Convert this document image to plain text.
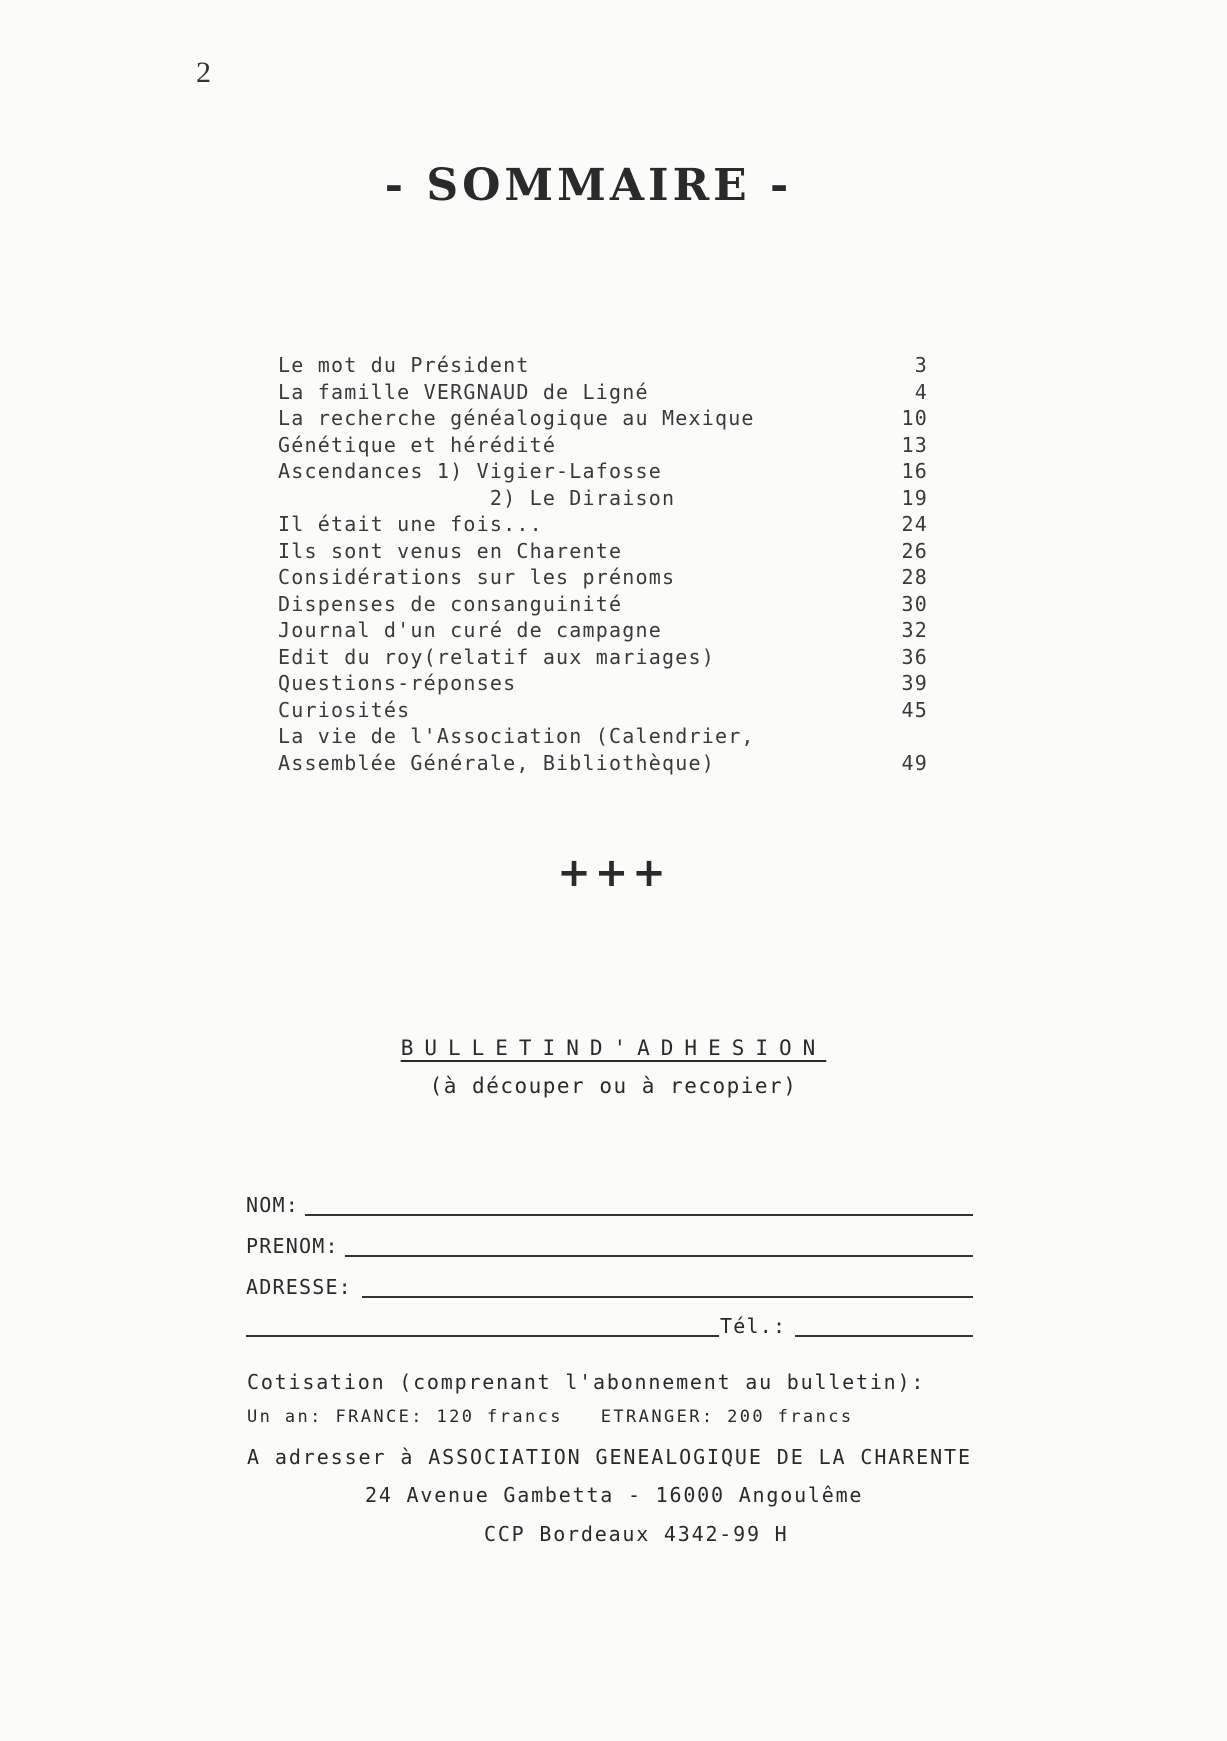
2
- SOMMAIRE -
Le mot du Président	3
La famille VERGNAUD de Ligné	4
La recherche généalogique au Mexique	10
Génétique et hérédité	13
Ascendances 1) Vigier-Lafosse	16
2) Le Diraison	19
Il était une fois...	24
Ils sont venus en Charente	26
Considérations sur les prénoms	28
Dispenses de consanguinité	30
Journal d'un curé de campagne	32
Edit du roy(relatif aux mariages)	36
Questions-réponses	39
Curiosités	45
La vie de l'Association (Calendrier,
Assemblée Générale, Bibliothèque)	49
+++
BULLETIND'ADHESION
(à découper ou à recopier)
NOM:
PRENOM:
ADRESSE:
Tél.:
Cotisation (comprenant l'abonnement au bulletin):
Un an: FRANCE: 120 francs   ETRANGER: 200 francs
A adresser à ASSOCIATION GENEALOGIQUE DE LA CHARENTE
24 Avenue Gambetta - 16000 Angoulême
CCP Bordeaux 4342-99 H
